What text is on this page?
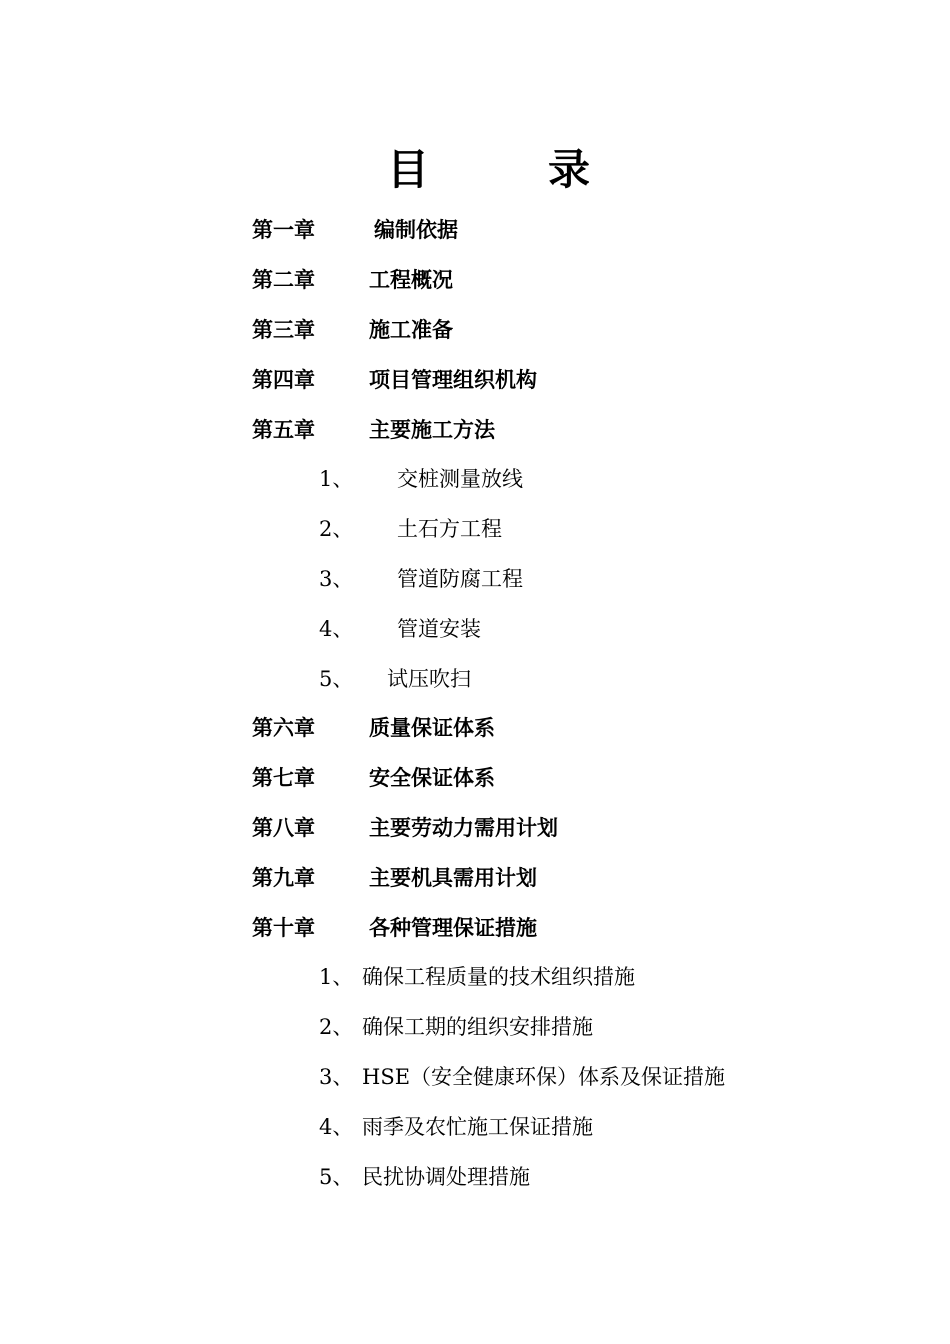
目	录
第一章	编制依据
第二章	工程概况
第三章	施工准备
第四章	项目管理组织机构
第五章	主要施工方法
1、 交桩测量放线
2、 土石方工程
3、 管道防腐工程
4、 管道安装
5、 试压吹扫
第六章	质量保证体系
第七章	安全保证体系
第八章	主要劳动力需用计划
第九章	主要机具需用计划
第十章	各种管理保证措施
1、 确保工程质量的技术组织措施
2、 确保工期的组织安排措施
3、 HSE（安全健康环保）体系及保证措施
4、 雨季及农忙施工保证措施
5、 民扰协调处理措施
